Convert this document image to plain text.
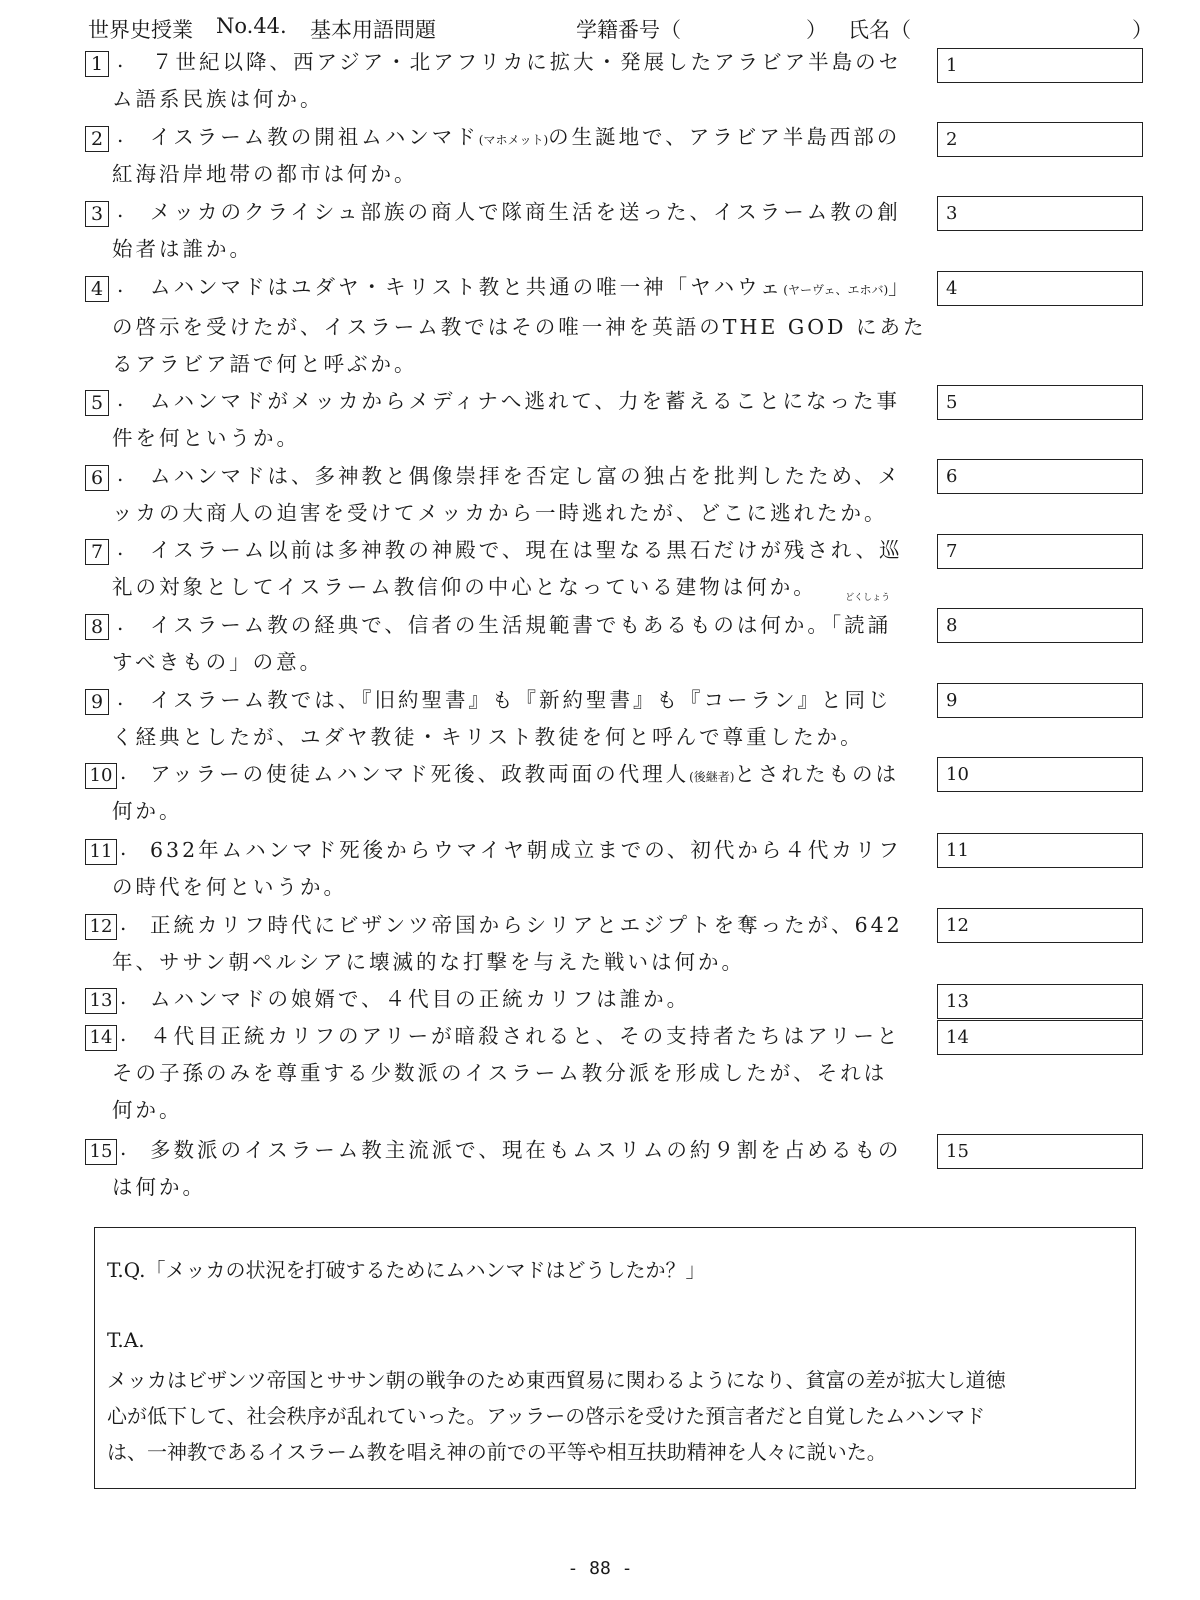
世界史授業 No.44. 基本用語問題	学籍番号（	） 氏名（	）
1 . ７世紀以降、西アジア・北アフリカに拡大・発展したアラビア半島のセ
ム語系民族は何か。
1
2 . イスラーム教の開祖ムハンマド(マホメット)の生誕地で、アラビア半島西部の
紅海沿岸地帯の都市は何か。
2
3 . メッカのクライシュ部族の商人で隊商生活を送った、イスラーム教の創
始者は誰か。
3
4 . ムハンマドはユダヤ・キリスト教と共通の唯一神「ヤハウェ(ヤーヴェ、エホバ)」
の啓示を受けたが、イスラーム教ではその唯一神を英語のTHE GOD にあた
るアラビア語で何と呼ぶか。
4
5 . ムハンマドがメッカからメディナへ逃れて、力を蓄えることになった事
件を何というか。
5
6 . ムハンマドは、多神教と偶像崇拝を否定し富の独占を批判したため、メ
ッカの大商人の迫害を受けてメッカから一時逃れたが、どこに逃れたか。
6
7 . イスラーム以前は多神教の神殿で、現在は聖なる黒石だけが残され、巡
礼の対象としてイスラーム教信仰の中心となっている建物は何か。
7
8 . イスラーム教の経典で、信者の生活規範書でもあるものは何か。「
どくしょう
読誦
すべきもの」の意。
8
9 . イスラーム教では、『旧約聖書』も『新約聖書』も『コーラン』と同じ
く経典としたが、ユダヤ教徒・キリスト教徒を何と呼んで尊重したか。
9
10 . アッラーの使徒ムハンマド死後、政教両面の代理人(後継者)とされたものは
何か。
10
11 . 632年ムハンマド死後からウマイヤ朝成立までの、初代から４代カリフ
の時代を何というか。
11
12 . 正統カリフ時代にビザンツ帝国からシリアとエジプトを奪ったが、642
年、ササン朝ペルシアに壊滅的な打撃を与えた戦いは何か。
12
13 . ムハンマドの娘婿で、４代目の正統カリフは誰か。	13
14 . ４代目正統カリフのアリーが暗殺されると、その支持者たちはアリーと
その子孫のみを尊重する少数派のイスラーム教分派を形成したが、それは
何か。
14
15 . 多数派のイスラーム教主流派で、現在もムスリムの約９割を占めるもの
は何か。
15
T.Q.「メッカの状況を打破するためにムハンマドはどうしたか？」
T.A.
メッカはビザンツ帝国とササン朝の戦争のため東西貿易に関わるようになり、貧富の差が拡大し道徳
心が低下して、社会秩序が乱れていった。アッラーの啓示を受けた預言者だと自覚したムハンマド
は、一神教であるイスラーム教を唱え神の前での平等や相互扶助精神を人々に説いた。
- 88 -
